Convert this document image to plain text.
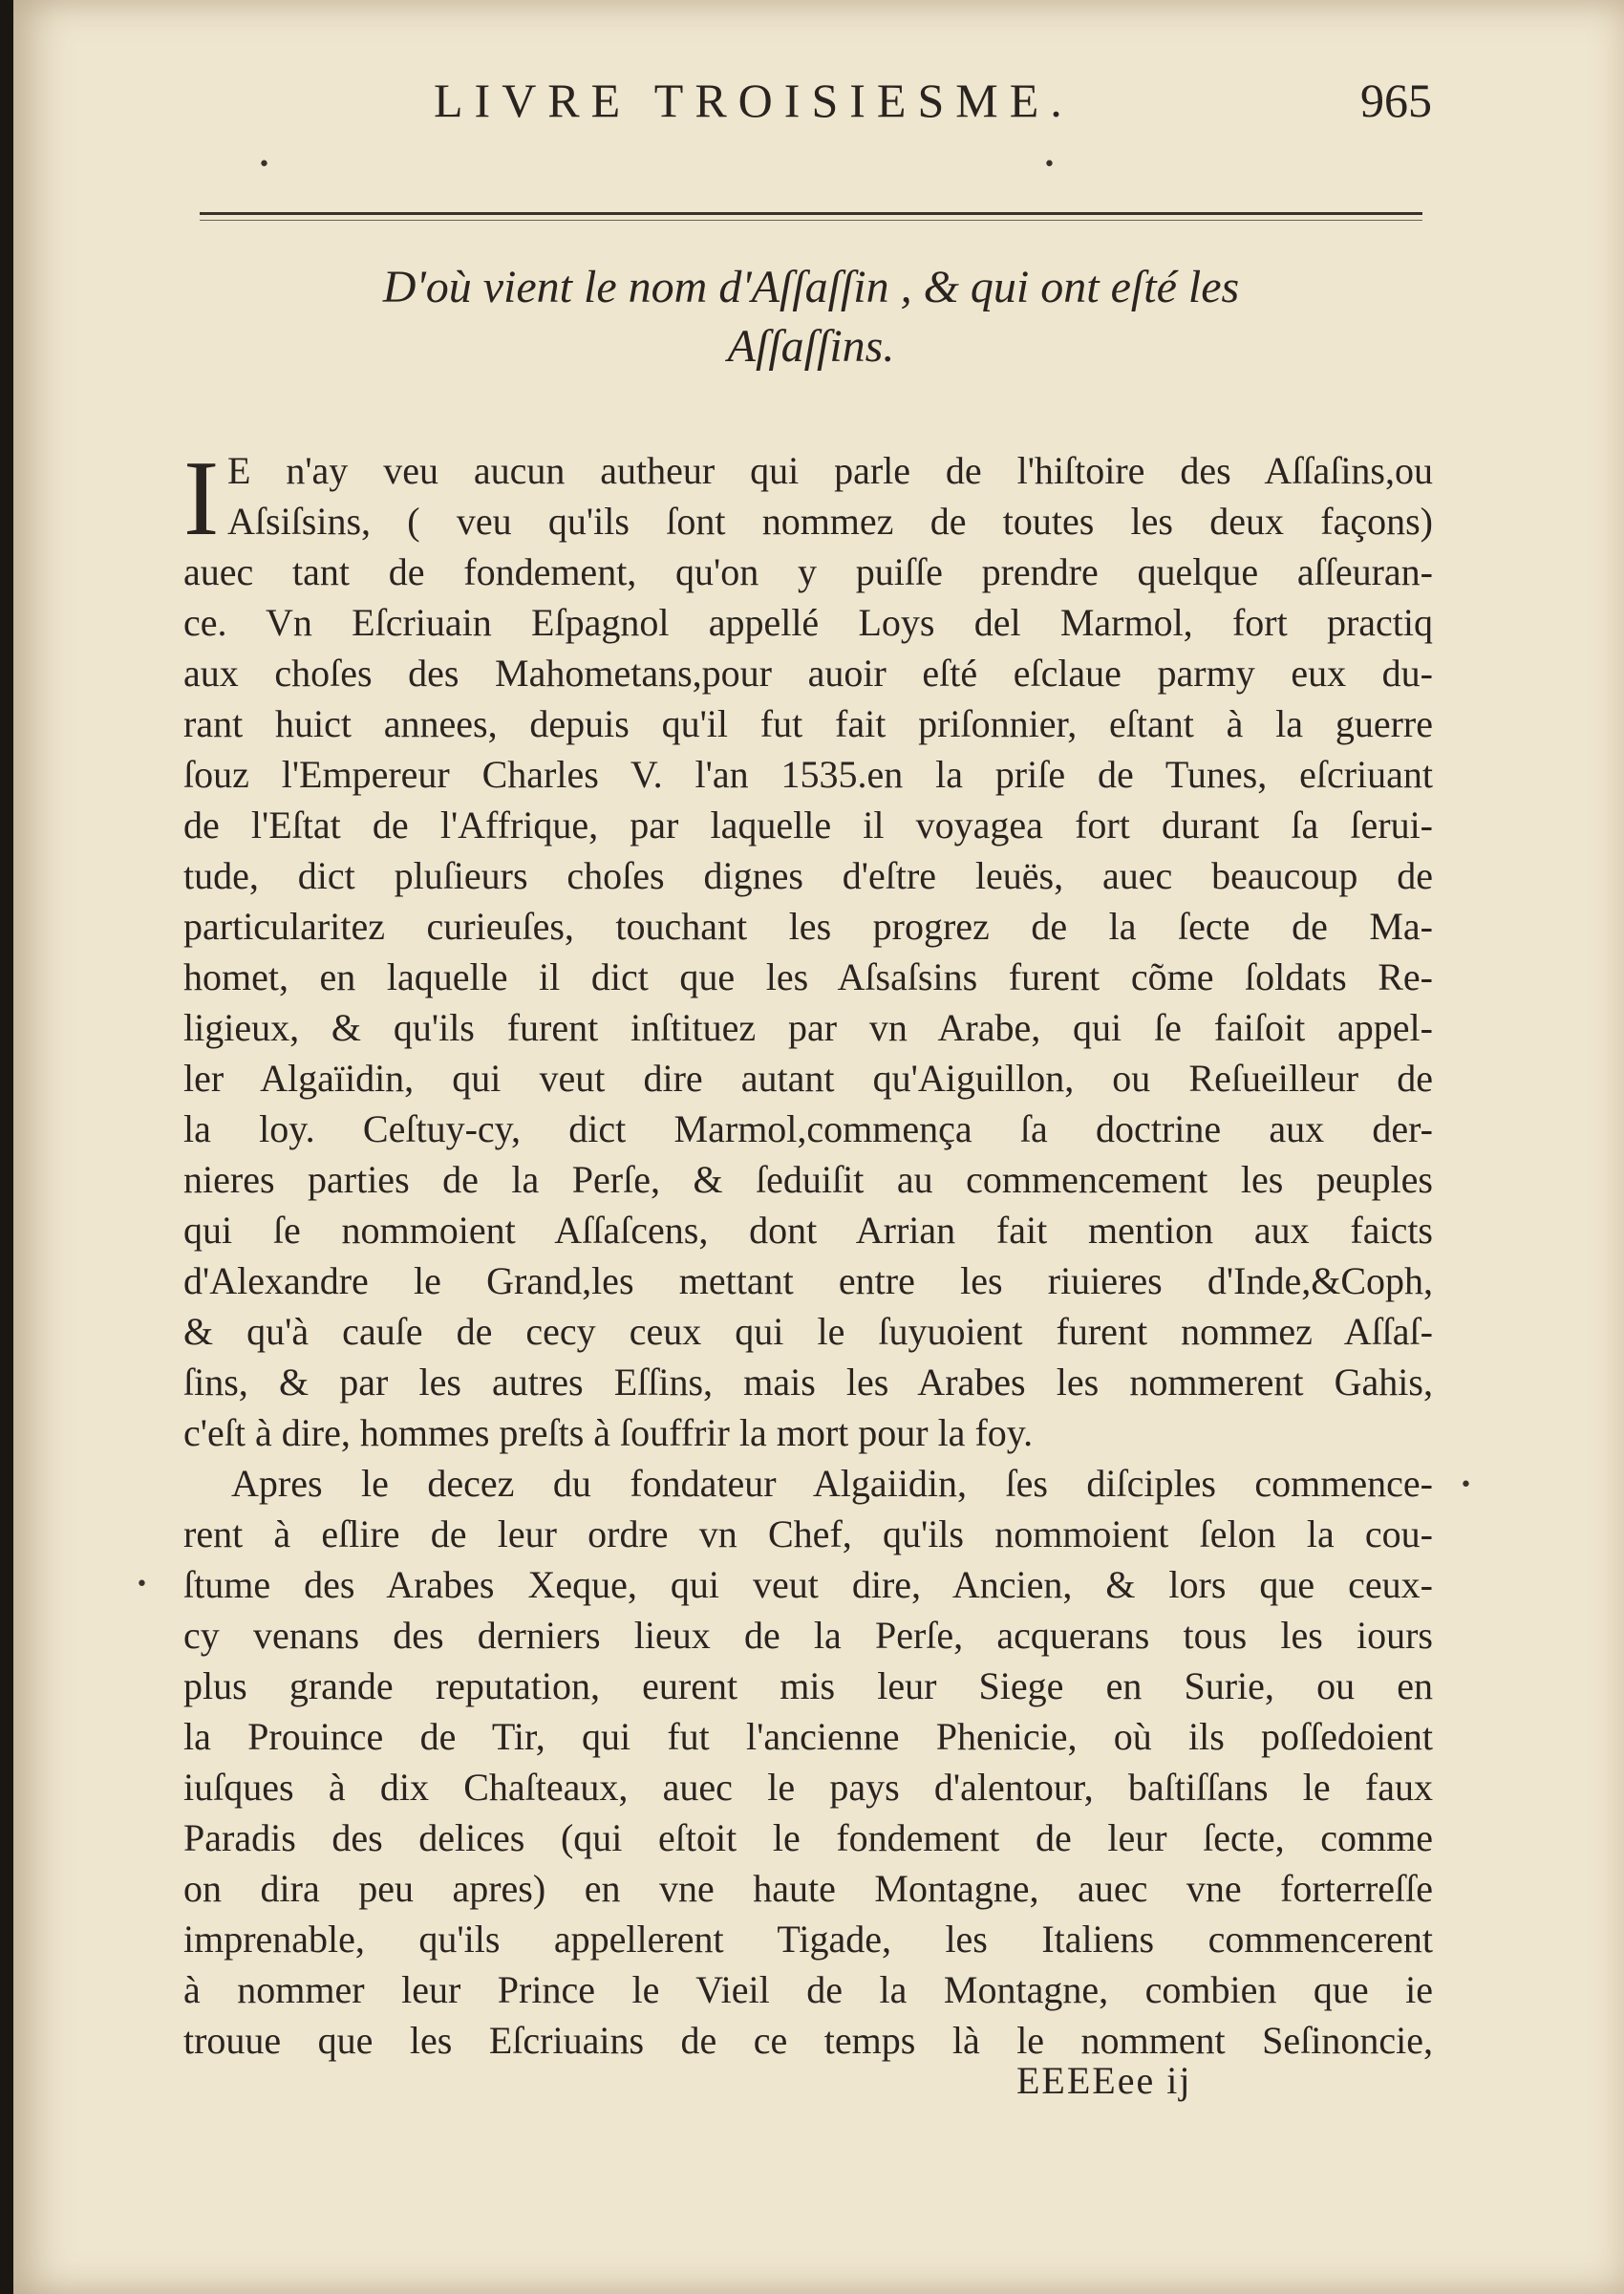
LIVRE TROISIESME.	965
•	•
D'où vient le nom d'Aſſaſſin , & qui ont eſté les
Aſſaſſins.
I E n'ay veu aucun autheur qui parle de l'hiſtoire des Aſſaſins,ou
Aſsiſsins, ( veu qu'ils ſont nommez de toutes les deux façons)
auec tant de fondement, qu'on y puiſſe prendre quelque aſſeuran-
ce. Vn Eſcriuain Eſpagnol appellé Loys del Marmol, fort practiq
aux choſes des Mahometans,pour auoir eſté eſclaue parmy eux du-
rant huict annees, depuis qu'il fut fait priſonnier, eſtant à la guerre
ſouz l'Empereur Charles V. l'an 1535.en la priſe de Tunes, eſcriuant
de l'Eſtat de l'Affrique, par laquelle il voyagea fort durant ſa ſerui-
tude, dict pluſieurs choſes dignes d'eſtre leuës, auec beaucoup de
particularitez curieuſes, touchant les progrez de la ſecte de Ma-
homet, en laquelle il dict que les Aſsaſsins furent cõme ſoldats Re-
ligieux, & qu'ils furent inſtituez par vn Arabe, qui ſe faiſoit appel-
ler Algaïidin, qui veut dire autant qu'Aiguillon, ou Reſueilleur de
la loy. Ceſtuy-cy, dict Marmol,commença ſa doctrine aux der-
nieres parties de la Perſe, & ſeduiſit au commencement les peuples
qui ſe nommoient Aſſaſcens, dont Arrian fait mention aux faicts
d'Alexandre le Grand,les mettant entre les riuieres d'Inde,&Coph,
& qu'à cauſe de cecy ceux qui le ſuyuoient furent nommez Aſſaſ-
ſins, & par les autres Eſſins, mais les Arabes les nommerent Gahis,
c'eſt à dire, hommes preſts à ſouffrir la mort pour la foy.
Apres le decez du fondateur Algaiidin, ſes diſciples commence-
rent à eſlire de leur ordre vn Chef, qu'ils nommoient ſelon la cou-
ſtume des Arabes Xeque, qui veut dire, Ancien, & lors que ceux-
cy venans des derniers lieux de la Perſe, acquerans tous les iours
plus grande reputation, eurent mis leur Siege en Surie, ou en
la Prouince de Tir, qui fut l'ancienne Phenicie, où ils poſſedoient
iuſques à dix Chaſteaux, auec le pays d'alentour, baſtiſſans le faux
Paradis des delices (qui eſtoit le fondement de leur ſecte, comme
on dira peu apres) en vne haute Montagne, auec vne forterreſſe
imprenable, qu'ils appellerent Tigade, les Italiens commencerent
à nommer leur Prince le Vieil de la Montagne, combien que ie
trouue que les Eſcriuains de ce temps là le nomment Seſinoncie,
•
•
EEEEee ij
